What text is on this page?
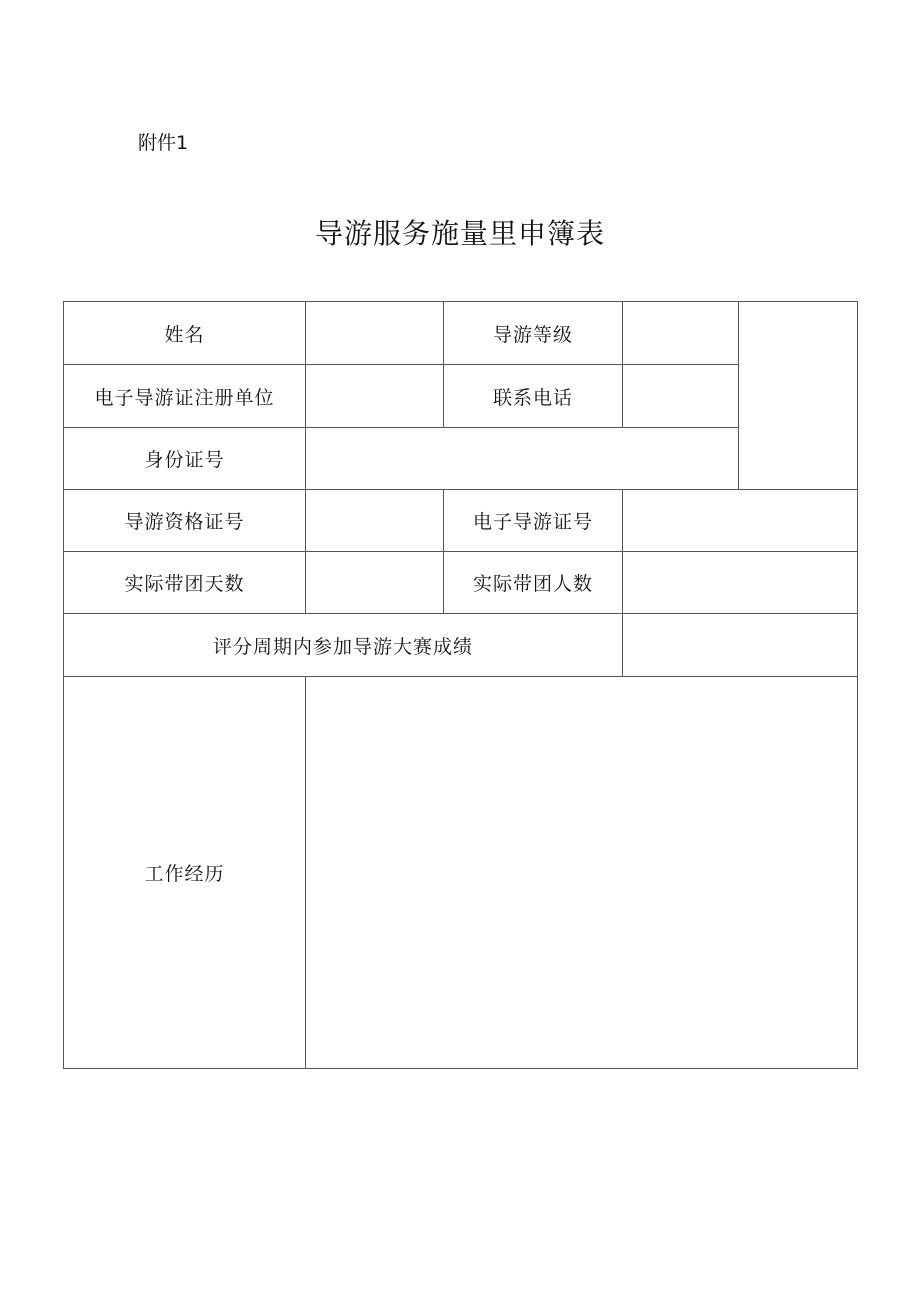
附件1
导游服务施量里申簿表
姓名		导游等级		
电子导游证注册单位		联系电话		
身份证号				
导游资格证号		电子导游证号		
实际带团天数		实际带团人数		
评分周期内参加导游大赛成绩				
工作经历				
